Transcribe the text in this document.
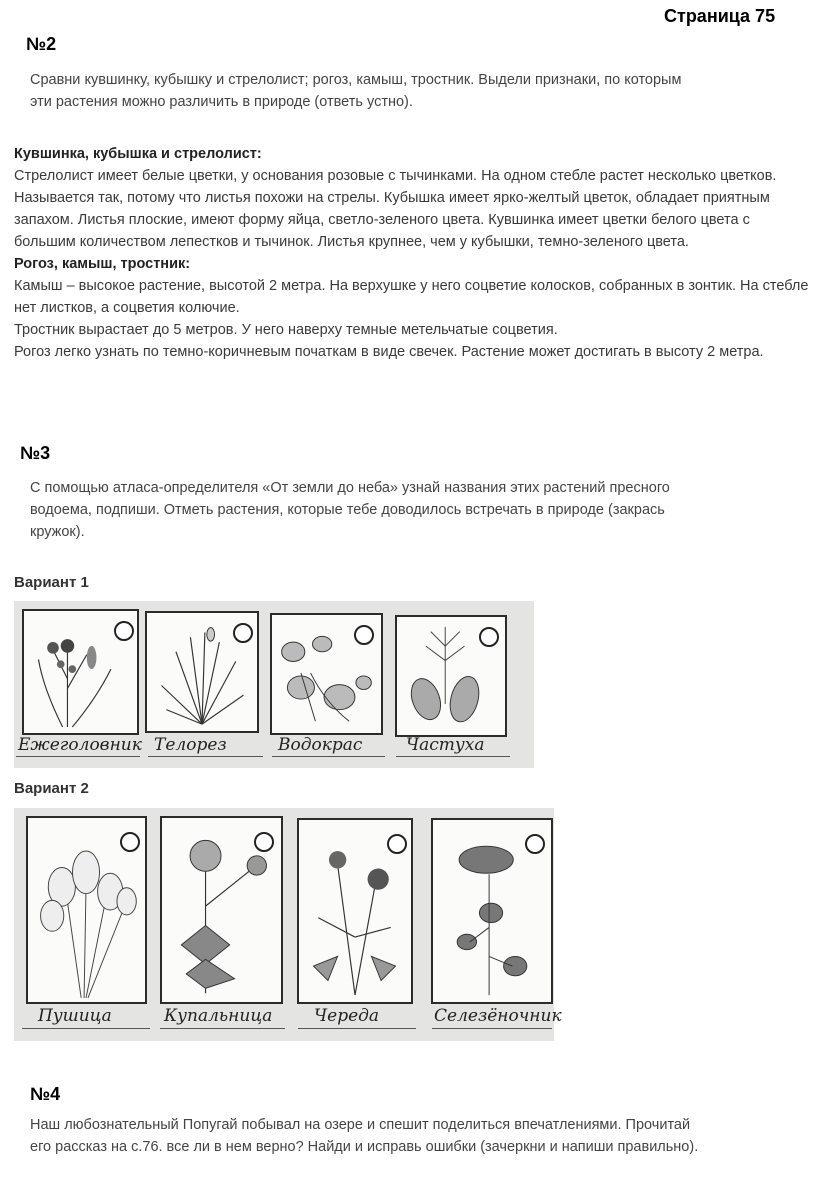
Страница 75
№2
Сравни кувшинку, кубышку и стрелолист; рогоз, камыш, тростник. Выдели признаки, по которым
эти растения можно различить в природе (ответь устно).

Кувшинка, кубышка и стрелолист:

Стрелолист имеет белые цветки, у основания розовые с тычинками. На одном стебле растет несколько цветков. Называется так, потому что листья похожи на стрелы. Кубышка имеет ярко-желтый цветок, обладает приятным запахом. Листья плоские, имеют форму яйца, светло-зеленого цвета. Кувшинка имеет цветки белого цвета с большим количеством лепестков и тычинок. Листья крупнее, чем у кубышки, темно-зеленого цвета.

Рогоз, камыш, тростник:

Камыш – высокое растение, высотой 2 метра. На верхушке у него соцветие колосков, собранных в зонтик. На стебле нет листков, а соцветия колючие.

Тростник вырастает до 5 метров. У него наверху темные метельчатые соцветия.

Рогоз легко узнать по темно-коричневым початкам в виде свечек. Растение может достигать в высоту 2 метра.

№3
С помощью атласа-определителя «От земли до неба» узнай названия этих растений пресного
водоема, подпиши. Отметь растения, которые тебе доводилось встречать в природе (закрась
кружок).
Вариант 1
Ежеголовник Телорез	Водокрас	Частуха
Вариант 2
Пушица	Купальница Череда	Селезёночник
№4
Наш любознательный Попугай побывал на озере и спешит поделиться впечатлениями. Прочитай
его рассказ на с.76. все ли в нем верно? Найди и исправь ошибки (зачеркни и напиши правильно).
